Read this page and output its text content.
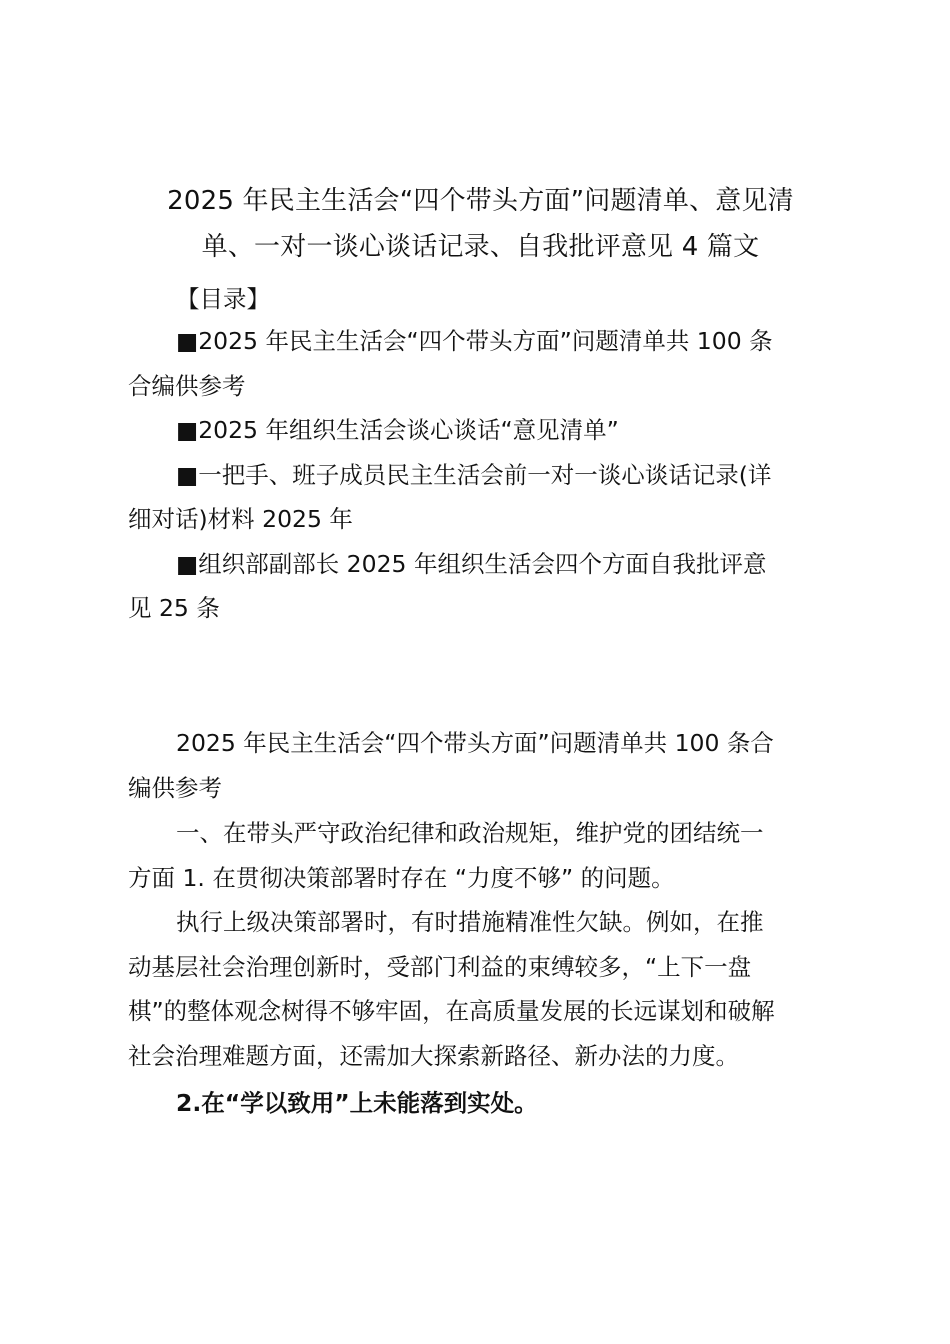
2025 年民主生活会“四个带头方面”问题清单、意见清
单、一对一谈心谈话记录、自我批评意见 4 篇文
【目录】
■2025 年民主生活会“四个带头方面”问题清单共 100 条
合编供参考
■2025 年组织生活会谈心谈话“意见清单”
■一把手、班子成员民主生活会前一对一谈心谈话记录(详
细对话)材料 2025 年
■组织部副部长 2025 年组织生活会四个方面自我批评意
见 25 条
2025 年民主生活会“四个带头方面”问题清单共 100 条合
编供参考
一、在带头严守政治纪律和政治规矩，维护党的团结统一
方面 1. 在贯彻决策部署时存在 “力度不够” 的问题。
执行上级决策部署时，有时措施精准性欠缺。例如，在推
动基层社会治理创新时，受部门利益的束缚较多，“上下一盘
棋”的整体观念树得不够牢固，在高质量发展的长远谋划和破解
社会治理难题方面，还需加大探索新路径、新办法的力度。
2.在“学以致用”上未能落到实处。
